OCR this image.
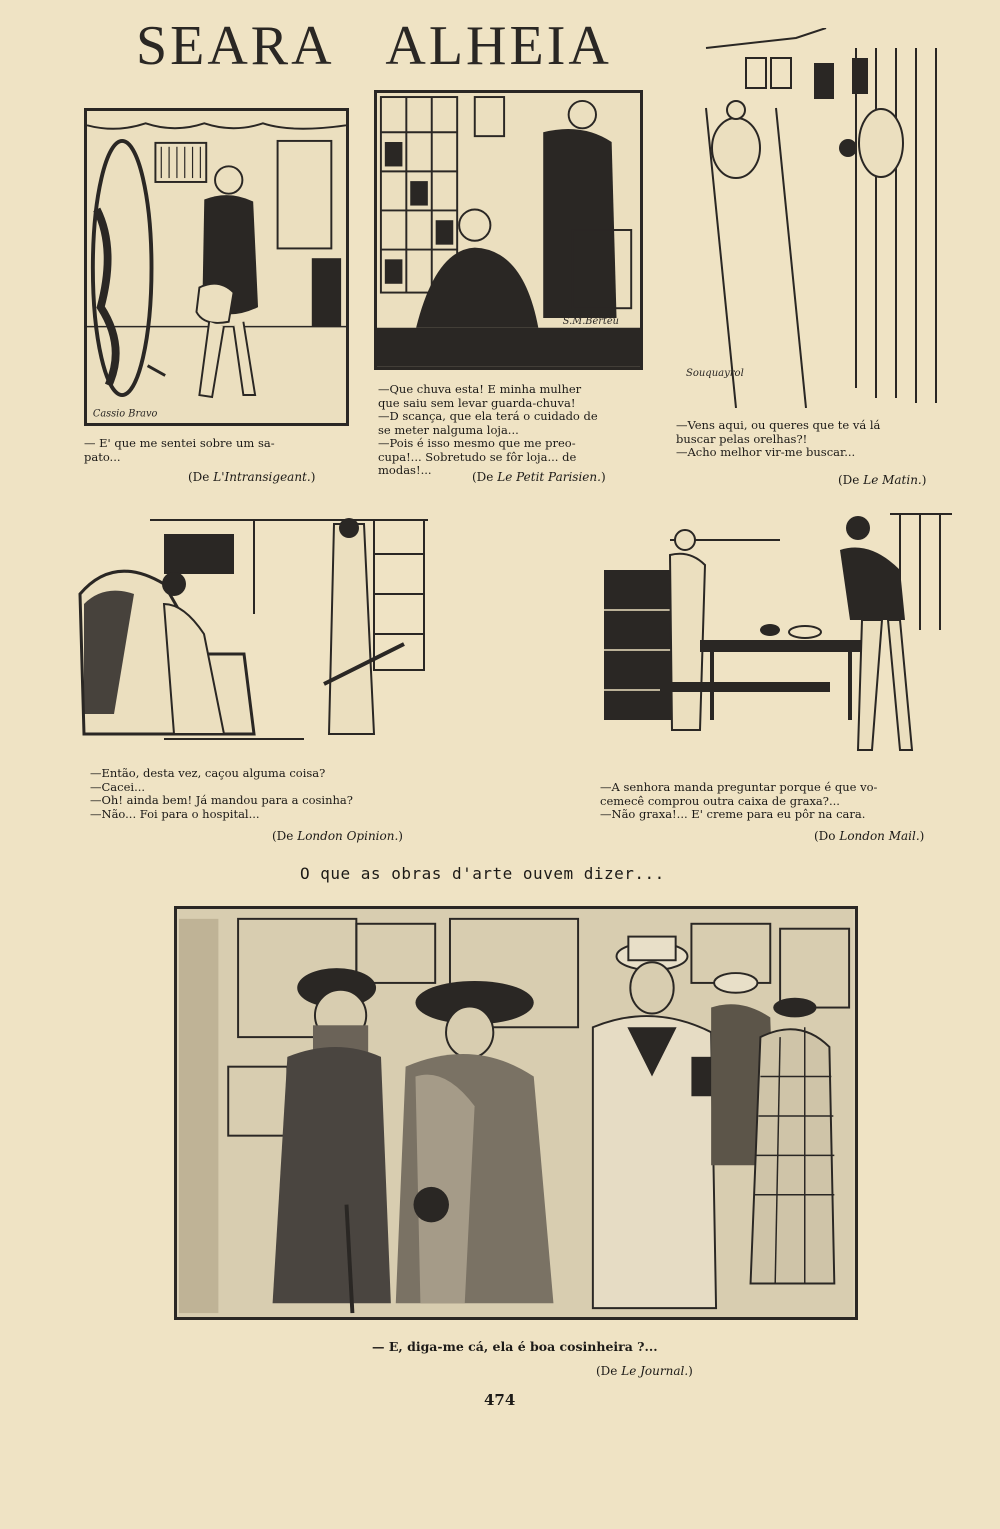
SEARA ALHEIA
Cassio Bravo
S.M.Berteu
Souquayrol
— E' que me sentei sobre um sa-
pato...
(De L'Intransigeant.)
—Que chuva esta! E minha mulher
que saiu sem levar guarda-chuva!
—D scança, que ela terá o cuidado de
se meter nalguma loja...
—Pois é isso mesmo que me preo-
cupa!... Sobretudo se fôr loja... de
modas!...	(De Le Petit Parisien.)
—Vens aqui, ou queres que te vá lá
buscar pelas orelhas?!
—Acho melhor vir-me buscar...
(De Le Matin.)
—Então, desta vez, caçou alguma coisa?
—Cacei...
—Oh! ainda bem! Já mandou para a cosinha?
—Não... Foi para o hospital...
(De London Opinion.)
—A senhora manda preguntar porque é que vo-
cemecê comprou outra caixa de graxa?...
—Não graxa!... E' creme para eu pôr na cara.
(Do London Mail.)
O que as obras d'arte ouvem dizer...
— E, diga-me cá, ela é boa cosinheira ?...
(De Le Journal.)
474
